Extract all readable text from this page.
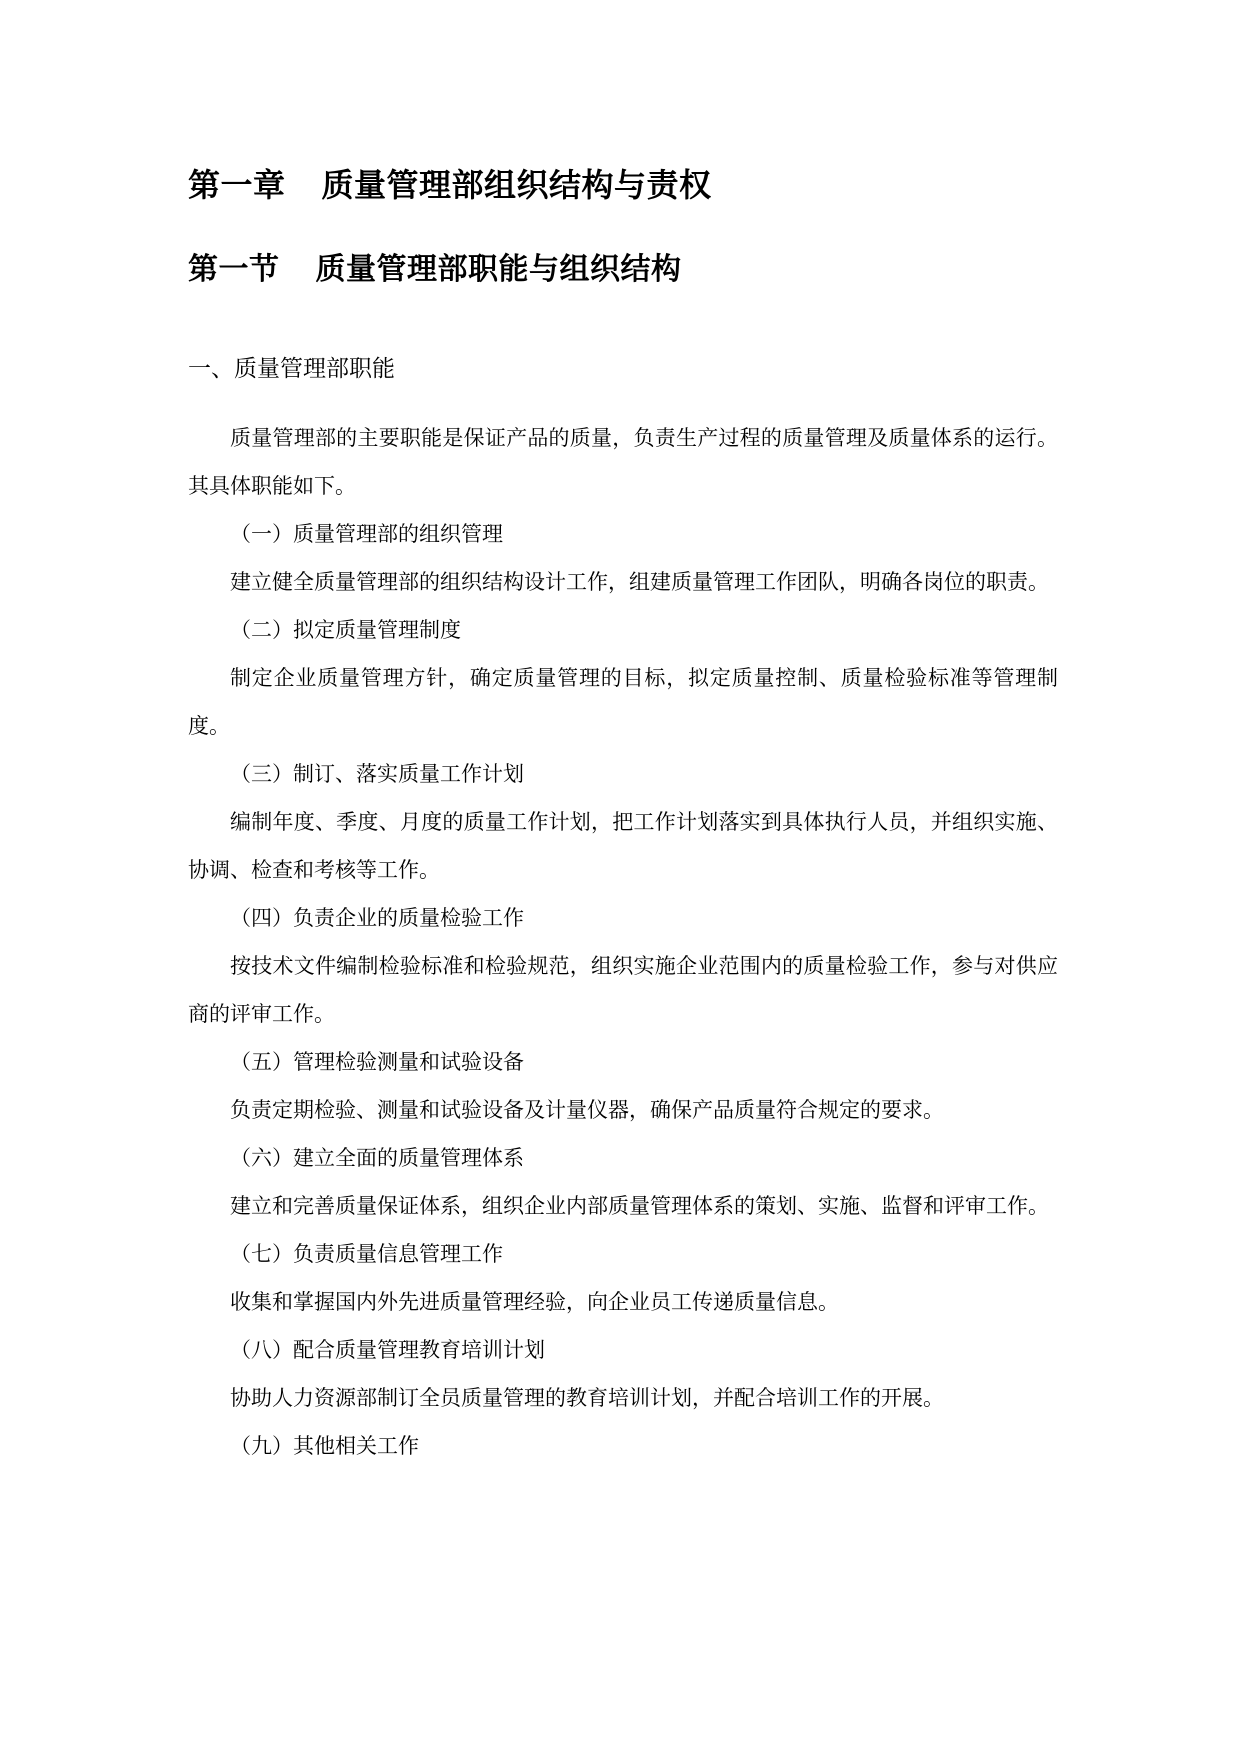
第一章 质量管理部组织结构与责权
第一节 质量管理部职能与组织结构
一、质量管理部职能

质量管理部的主要职能是保证产品的质量，负责生产过程的质量管理及质量体系的运行。其具体职能如下。

（一）质量管理部的组织管理

建立健全质量管理部的组织结构设计工作，组建质量管理工作团队，明确各岗位的职责。

（二）拟定质量管理制度

制定企业质量管理方针，确定质量管理的目标，拟定质量控制、质量检验标准等管理制度。

（三）制订、落实质量工作计划

编制年度、季度、月度的质量工作计划，把工作计划落实到具体执行人员，并组织实施、协调、检查和考核等工作。

（四）负责企业的质量检验工作

按技术文件编制检验标准和检验规范，组织实施企业范围内的质量检验工作，参与对供应商的评审工作。

（五）管理检验测量和试验设备

负责定期检验、测量和试验设备及计量仪器，确保产品质量符合规定的要求。

（六）建立全面的质量管理体系

建立和完善质量保证体系，组织企业内部质量管理体系的策划、实施、监督和评审工作。

（七）负责质量信息管理工作

收集和掌握国内外先进质量管理经验，向企业员工传递质量信息。

（八）配合质量管理教育培训计划

协助人力资源部制订全员质量管理的教育培训计划，并配合培训工作的开展。

（九）其他相关工作
